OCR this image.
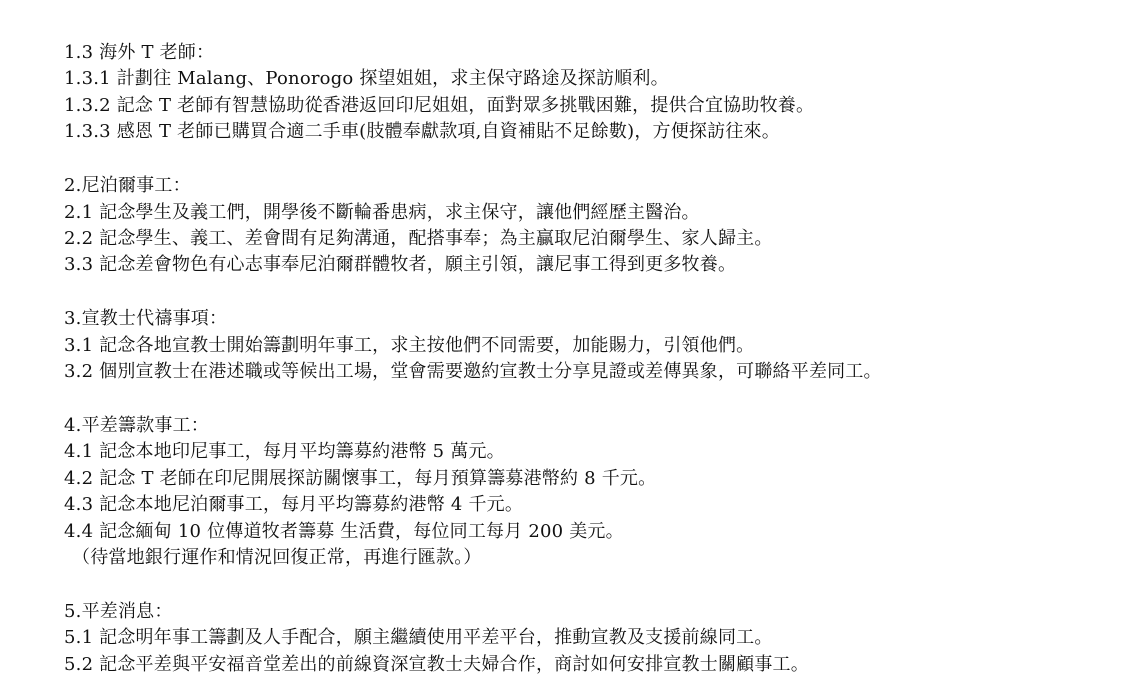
1.3 海外 T 老師：
1.3.1 計劃往 Malang、Ponorogo 探望姐姐，求主保守路途及探訪順利。
1.3.2 記念 T 老師有智慧協助從香港返回印尼姐姐，面對眾多挑戰困難，提供合宜協助牧養。
1.3.3 感恩 T 老師已購買合適二手車(肢體奉獻款項,自資補貼不足餘數)，方便探訪往來。
2.尼泊爾事工：
2.1 記念學生及義工們，開學後不斷輪番患病，求主保守，讓他們經歷主醫治。
2.2 記念學生、義工、差會間有足夠溝通，配搭事奉；為主贏取尼泊爾學生、家人歸主。
3.3 記念差會物色有心志事奉尼泊爾群體牧者，願主引領，讓尼事工得到更多牧養。
3.宣教士代禱事項：
3.1 記念各地宣教士開始籌劃明年事工，求主按他們不同需要，加能賜力，引領他們。
3.2 個別宣教士在港述職或等候出工場，堂會需要邀約宣教士分享見證或差傳異象，可聯絡平差同工。
4.平差籌款事工：
4.1 記念本地印尼事工，每月平均籌募約港幣 5 萬元。
4.2 記念 T 老師在印尼開展探訪關懷事工，每月預算籌募港幣約 8 千元。
4.3 記念本地尼泊爾事工，每月平均籌募約港幣 4 千元。
4.4 記念緬甸 10 位傳道牧者籌募 生活費，每位同工每月 200 美元。
（待當地銀行運作和情況回復正常，再進行匯款。）
5.平差消息：
5.1 記念明年事工籌劃及人手配合，願主繼續使用平差平台，推動宣教及支援前線同工。
5.2 記念平差與平安福音堂差出的前線資深宣教士夫婦合作，商討如何安排宣教士關顧事工。
